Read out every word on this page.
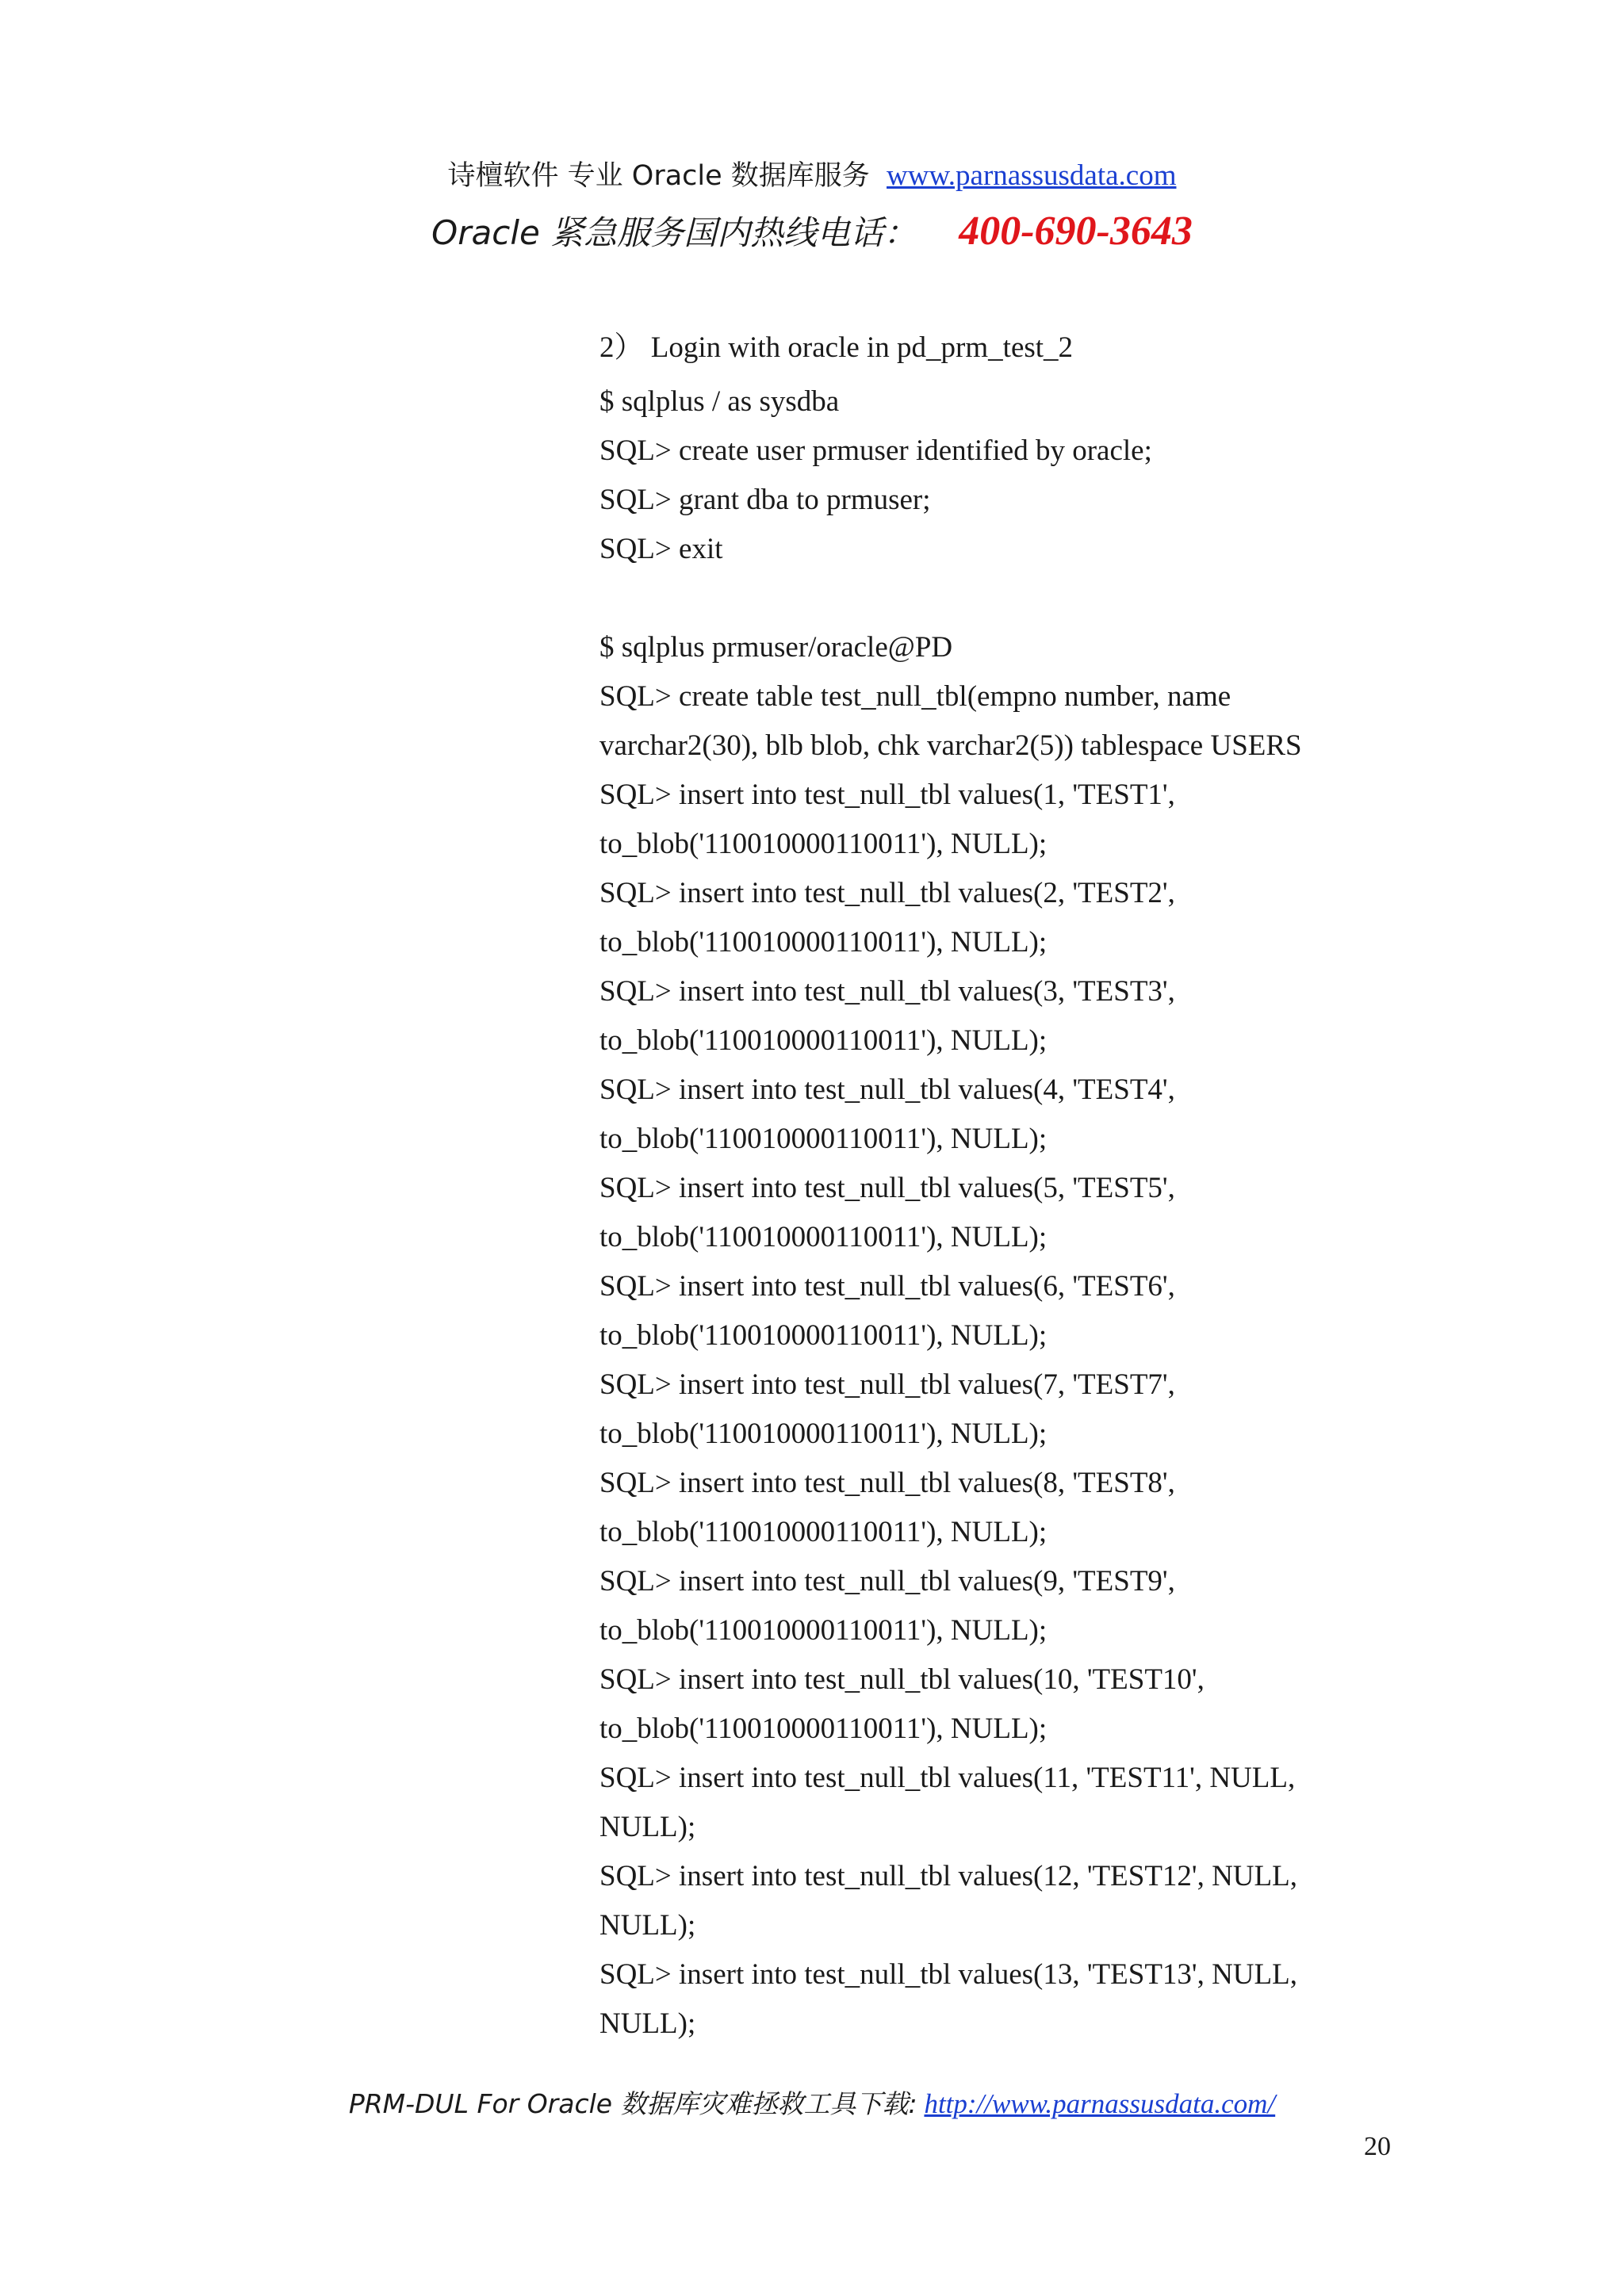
诗檀软件 专业 Oracle 数据库服务 www.parnassusdata.com
Oracle 紧急服务国内热线电话： 400-690-3643
2） Login with oracle in pd_prm_test_2
$ sqlplus / as sysdba
SQL> create user prmuser identified by oracle;
SQL> grant dba to prmuser;
SQL> exit
$ sqlplus prmuser/oracle@PD
SQL> create table test_null_tbl(empno number, name
varchar2(30), blb blob, chk varchar2(5)) tablespace USERS
SQL> insert into test_null_tbl values(1, 'TEST1',
to_blob('110010000110011'), NULL);
SQL> insert into test_null_tbl values(2, 'TEST2',
to_blob('110010000110011'), NULL);
SQL> insert into test_null_tbl values(3, 'TEST3',
to_blob('110010000110011'), NULL);
SQL> insert into test_null_tbl values(4, 'TEST4',
to_blob('110010000110011'), NULL);
SQL> insert into test_null_tbl values(5, 'TEST5',
to_blob('110010000110011'), NULL);
SQL> insert into test_null_tbl values(6, 'TEST6',
to_blob('110010000110011'), NULL);
SQL> insert into test_null_tbl values(7, 'TEST7',
to_blob('110010000110011'), NULL);
SQL> insert into test_null_tbl values(8, 'TEST8',
to_blob('110010000110011'), NULL);
SQL> insert into test_null_tbl values(9, 'TEST9',
to_blob('110010000110011'), NULL);
SQL> insert into test_null_tbl values(10, 'TEST10',
to_blob('110010000110011'), NULL);
SQL> insert into test_null_tbl values(11, 'TEST11', NULL,
NULL);
SQL> insert into test_null_tbl values(12, 'TEST12', NULL,
NULL);
SQL> insert into test_null_tbl values(13, 'TEST13', NULL,
NULL);
PRM-DUL For Oracle 数据库灾难拯救工具下载: http://www.parnassusdata.com/
20
